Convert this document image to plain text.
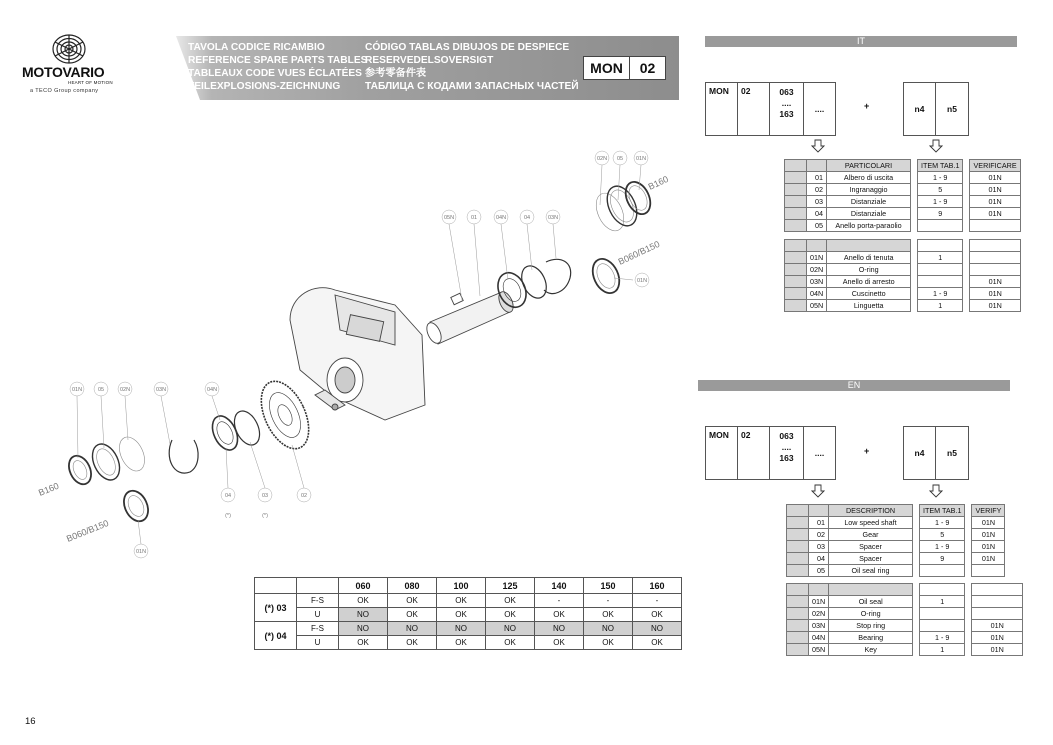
MOTOVARIO
HEART OF MOTION
a TECO Group company
TAVOLA CODICE RICAMBIO
REFERENCE SPARE PARTS TABLES
TABLEAUX CODE VUES ÉCLATÉES
TEILEXPLOSIONS-ZEICHNUNG
CÓDIGO TABLAS DIBUJOS DE DESPIECE
RESERVEDELSOVERSIGT
参考零备件表
ТАБЛИЦА С КОДАМИ ЗАПАСНЫХ ЧАСТЕЙ
MON	02
02N 05 01N
05N	01	04N	04	03N
01N
01N	05	02N	03N	04N
04	03	02
(*)	(*)
01N
B160
B060/B150
B160
B060/B150
IT
MON	02	063
....
163	....	+	n4	n5
		PARTICOLARI		ITEM TAB.1		VERIFICARE
	01	Albero di uscita		1 - 9		01N
	02	Ingranaggio		5		01N
	03	Distanziale		1 - 9		01N
	04	Distanziale		9		01N
	05	Anello porta-paraolio				

	01N	Anello di tenuta		1		
	02N	O-ring				
	03N	Anello di arresto				01N
	04N	Cuscinetto		1 - 9		01N
	05N	Linguetta		1		01N
EN
MON	02	063
....
163	....	+	n4	n5
		DESCRIPTION		ITEM TAB.1		VERIFY
	01	Low speed shaft		1 - 9		01N
	02	Gear		5		01N
	03	Spacer		1 - 9		01N
	04	Spacer		9		01N
	05	Oil seal ring				

	01N	Oil seal		1		
	02N	O-ring				
	03N	Stop ring				01N
	04N	Bearing		1 - 9		01N
	05N	Key		1		01N
		060	080	100	125	140	150	160
(*) 03	F-S	OK	OK	OK	OK	-	-	-
	U	NO	OK	OK	OK	OK	OK	OK
(*) 04	F-S	NO	NO	NO	NO	NO	NO	NO
	U	OK	OK	OK	OK	OK	OK	OK
16
